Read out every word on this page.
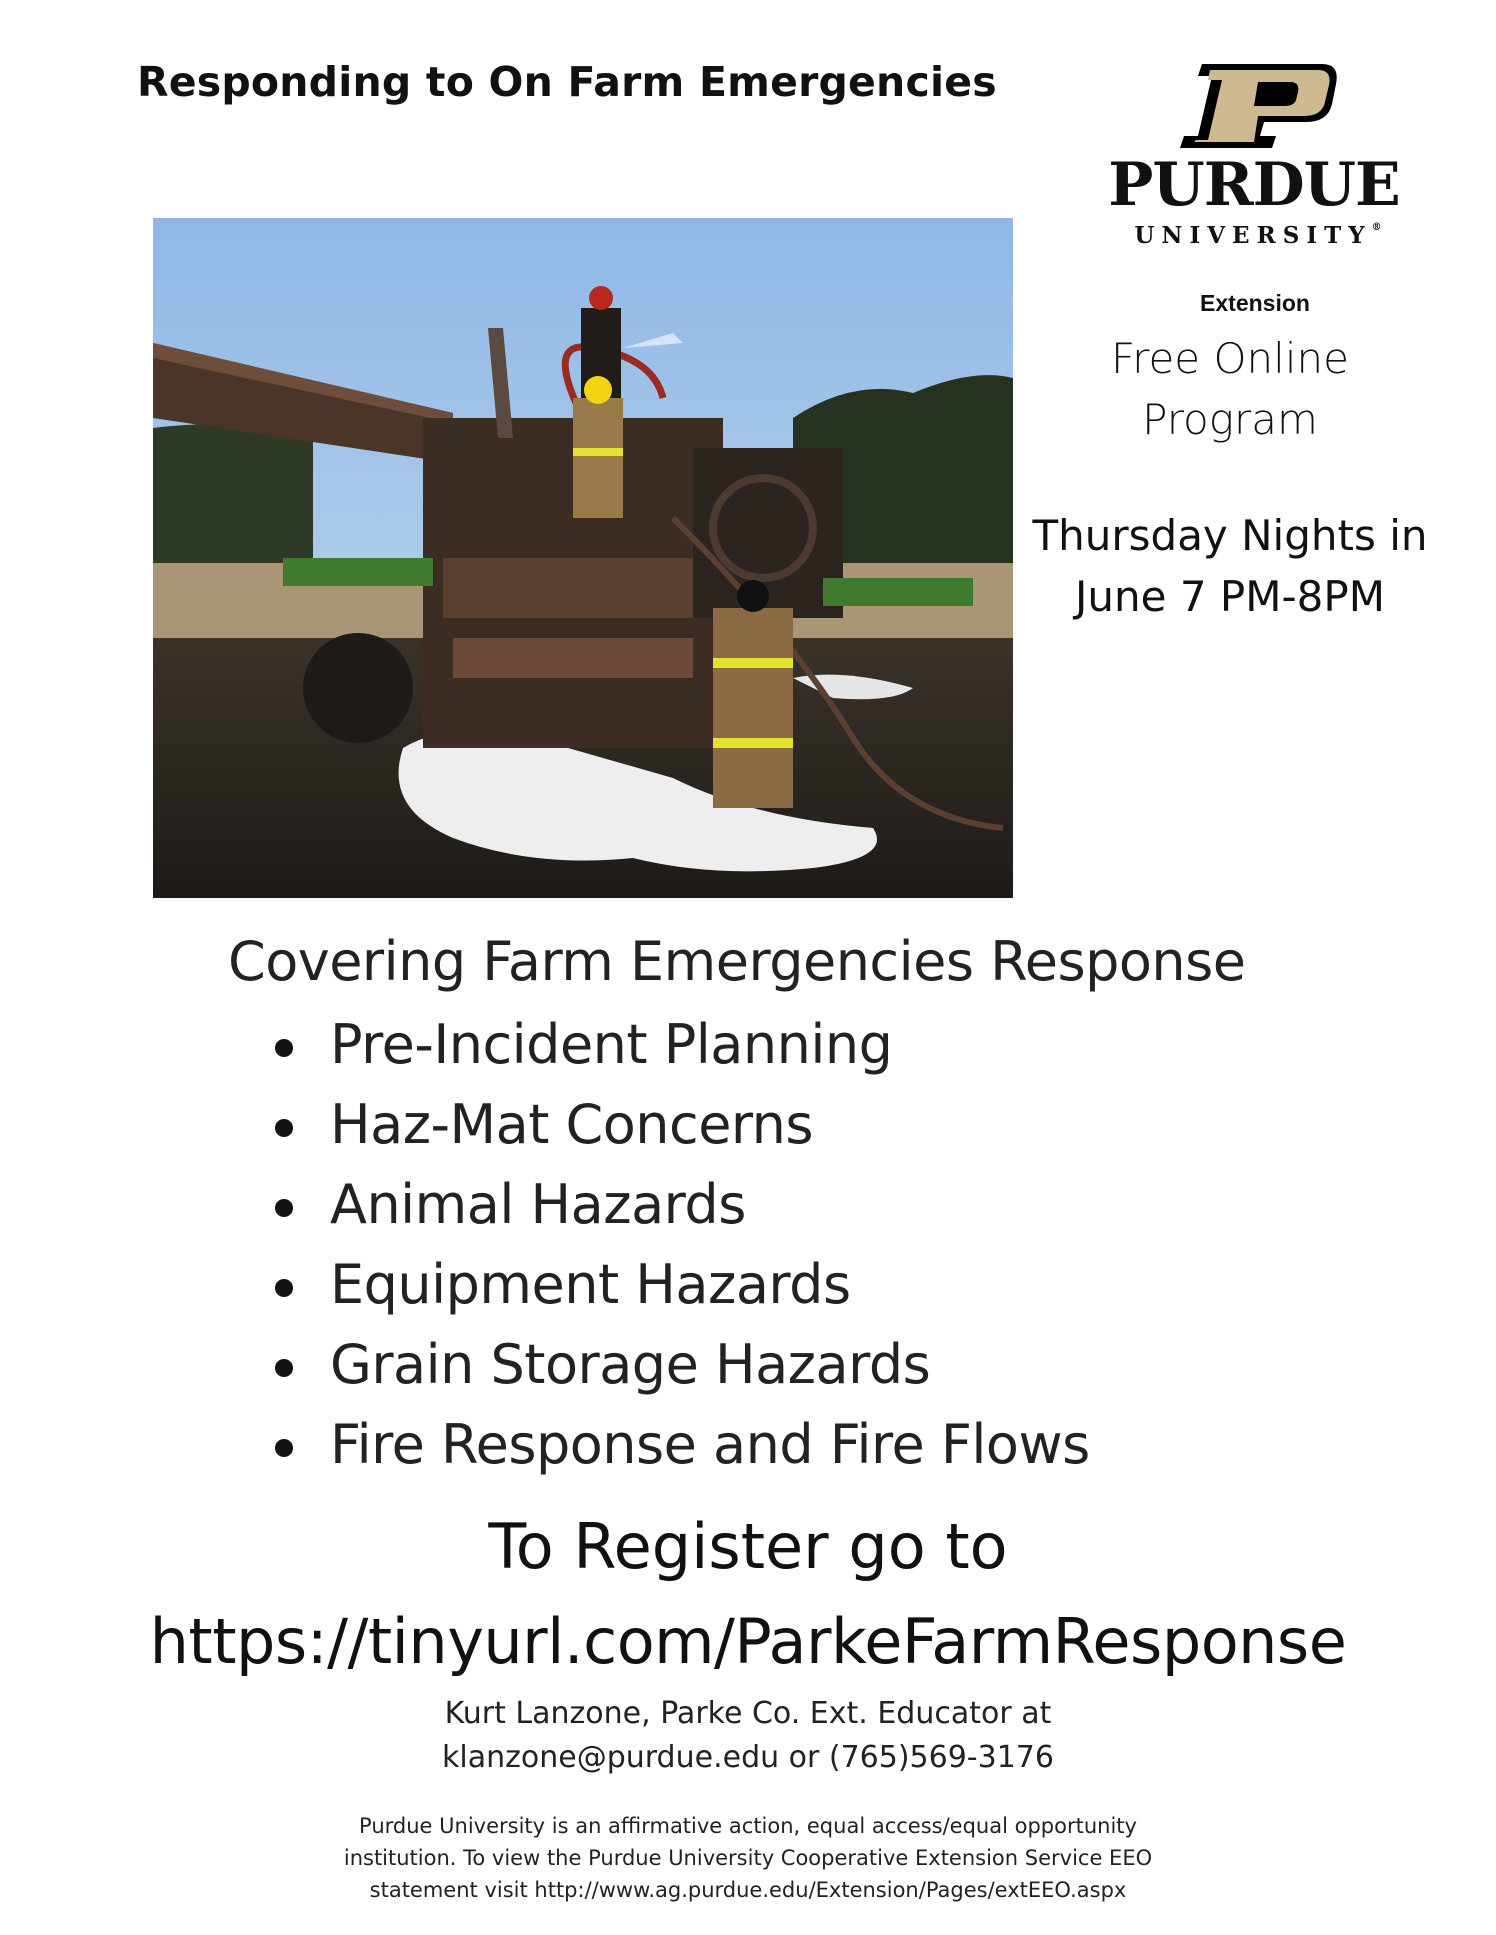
Responding to On Farm Emergencies
PURDUE
UNIVERSITY®
Extension
Free Online
Program
Thursday Nights in
June 7 PM-8PM
Covering Farm Emergencies Response
Pre-Incident Planning
Haz-Mat Concerns
Animal Hazards
Equipment Hazards
Grain Storage Hazards
Fire Response and Fire Flows
To Register go to
https://tinyurl.com/ParkeFarmResponse
Kurt Lanzone, Parke Co. Ext. Educator at
klanzone@purdue.edu or (765)569-3176
Purdue University is an affirmative action, equal access/equal opportunity
institution. To view the Purdue University Cooperative Extension Service EEO
statement visit http://www.ag.purdue.edu/Extension/Pages/extEEO.aspx
